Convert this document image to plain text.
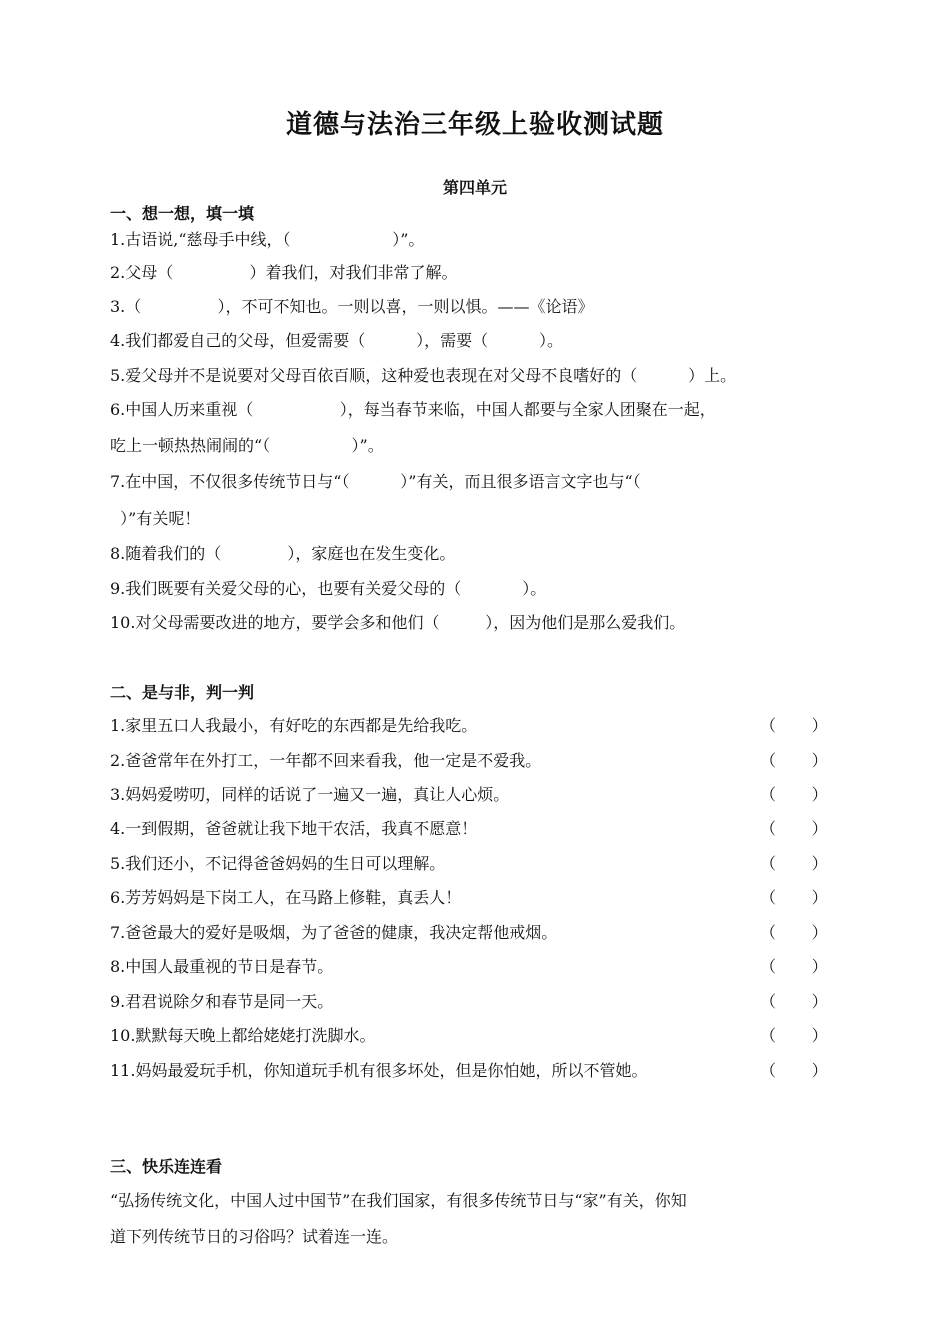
道德与法治三年级上验收测试题
第四单元
一、想一想，填一填
1.古语说,“慈母手中线，（                    ）”。
2.父母（               ）着我们，对我们非常了解。
3.（               ），不可不知也。一则以喜，一则以惧。——《论语》
4.我们都爱自己的父母，但爱需要（          ），需要（          ）。
5.爱父母并不是说要对父母百依百顺，这种爱也表现在对父母不良嗜好的（          ）上。
6.中国人历来重视（                 ），每当春节来临，中国人都要与全家人团聚在一起，
吃上一顿热热闹闹的“（                ）”。
7.在中国，不仅很多传统节日与“（          ）”有关，而且很多语言文字也与“（
）”有关呢！
8.随着我们的（             ），家庭也在发生变化。
9.我们既要有关爱父母的心，也要有关爱父母的（            ）。
10.对父母需要改进的地方，要学会多和他们（         ），因为他们是那么爱我们。
二、是与非，判一判
1.家里五口人我最小，有好吃的东西都是先给我吃。	（       ）
2.爸爸常年在外打工，一年都不回来看我，他一定是不爱我。	（       ）
3.妈妈爱唠叨，同样的话说了一遍又一遍，真让人心烦。	（       ）
4.一到假期，爸爸就让我下地干农活，我真不愿意！	（       ）
5.我们还小，不记得爸爸妈妈的生日可以理解。	（       ）
6.芳芳妈妈是下岗工人，在马路上修鞋，真丢人！	（       ）
7.爸爸最大的爱好是吸烟，为了爸爸的健康，我决定帮他戒烟。	（       ）
8.中国人最重视的节日是春节。	（       ）
9.君君说除夕和春节是同一天。	（       ）
10.默默每天晚上都给姥姥打洗脚水。	（       ）
11.妈妈最爱玩手机，你知道玩手机有很多坏处，但是你怕她，所以不管她。	（       ）
三、快乐连连看
“弘扬传统文化，中国人过中国节”在我们国家，有很多传统节日与“家”有关，你知
道下列传统节日的习俗吗？试着连一连。
